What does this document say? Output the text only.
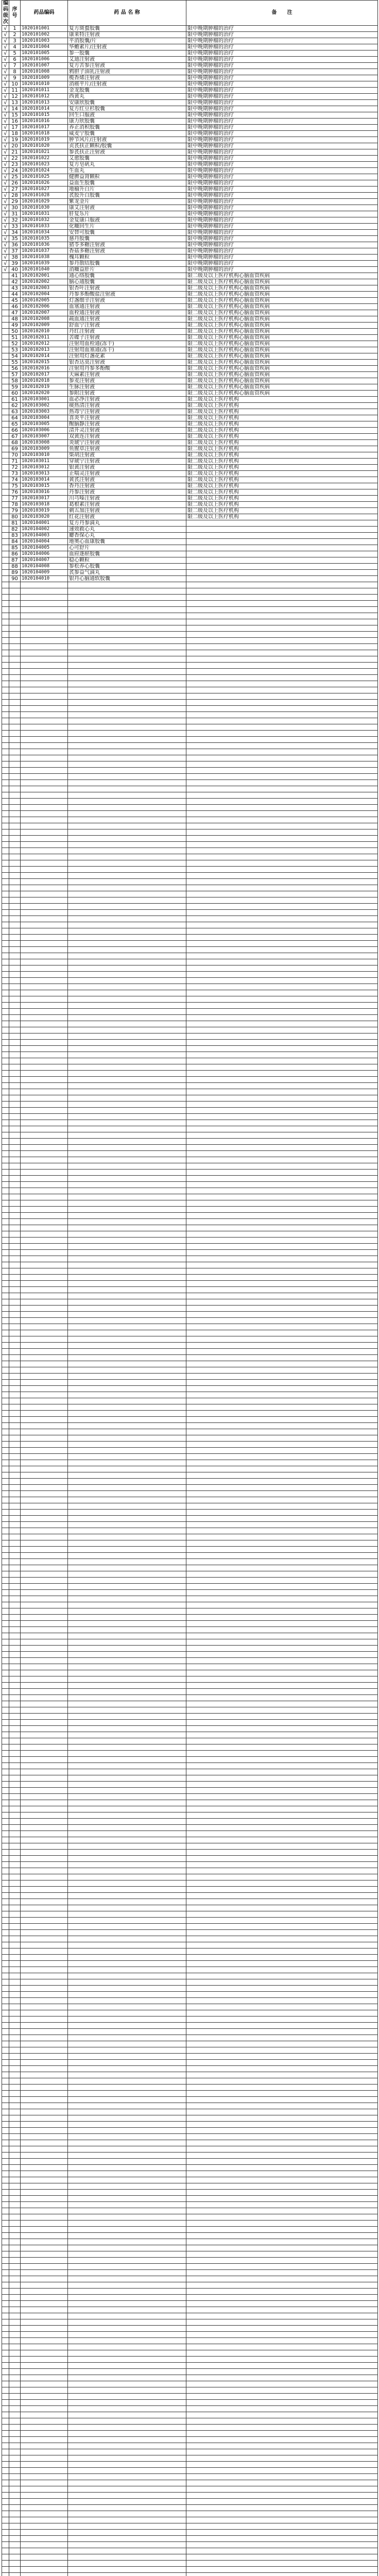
编码 级次	序 号	药品编码	药 品 名 称	备　　注
√	1	1020101001	复方斑蝥胶囊	限中晚期肿瘤的治疗
√	2	1020101002	康莱特注射液	限中晚期肿瘤的治疗
√	3	1020101003	平消胶囊/片	限中晚期肿瘤的治疗
√	4	1020101004	华蟾素片/注射液	限中晚期肿瘤的治疗
√	5	1020101005	参一胶囊	限中晚期肿瘤的治疗
√	6	1020101006	艾迪注射液	限中晚期肿瘤的治疗
√	7	1020101007	复方苦参注射液	限中晚期肿瘤的治疗
√	8	1020101008	鸦胆子油乳注射液	限中晚期肿瘤的治疗
√	9	1020101009	榄香烯注射液	限中晚期肿瘤的治疗
√	10	1020101010	消癌平片/注射液	限中晚期肿瘤的治疗
√	11	1020101011	金龙胶囊	限中晚期肿瘤的治疗
√	12	1020101012	西黄丸	限中晚期肿瘤的治疗
√	13	1020101013	安康欣胶囊	限中晚期肿瘤的治疗
√	14	1020101014	复方红豆杉胶囊	限中晚期肿瘤的治疗
√	15	1020101015	回生口服液	限中晚期肿瘤的治疗
√	16	1020101016	康力欣胶囊	限中晚期肿瘤的治疗
√	17	1020101017	养正消积胶囊	限中晚期肿瘤的治疗
√	18	1020101018	威麦宁胶囊	限中晚期肿瘤的治疗
√	19	1020101019	肿节风片/注射液	限中晚期肿瘤的治疗
√	20	1020101020	贞芪扶正颗粒/胶囊	限中晚期肿瘤的治疗
√	21	1020101021	参芪扶正注射液	限中晚期肿瘤的治疗
√	22	1020101022	艾愈胶囊	限中晚期肿瘤的治疗
√	23	1020101023	复方皂矾丸	限中晚期肿瘤的治疗
√	24	1020101024	生血丸	限中晚期肿瘤的治疗
√	25	1020101025	健脾益肾颗粒	限中晚期肿瘤的治疗
√	26	1020101026	益血生胶囊	限中晚期肿瘤的治疗
√	27	1020101027	地榆升白片	限中晚期肿瘤的治疗
√	28	1020101028	芪胶升白胶囊	限中晚期肿瘤的治疗
√	29	1020101029	紫龙金片	限中晚期肿瘤的治疗
√	30	1020101030	康艾注射液	限中晚期肿瘤的治疗
√	31	1020101031	肝复乐片	限中晚期肿瘤的治疗
√	32	1020101032	金复康口服液	限中晚期肿瘤的治疗
√	33	1020101033	化癥回生片	限中晚期肿瘤的治疗
√	34	1020101034	安替可胶囊	限中晚期肿瘤的治疗
√	35	1020101035	慈丹胶囊	限中晚期肿瘤的治疗
√	36	1020101036	猪苓多糖注射液	限中晚期肿瘤的治疗
√	37	1020101037	香菇多糖注射液	限中晚期肿瘤的治疗
√	38	1020101038	槐耳颗粒	限中晚期肿瘤的治疗
√	39	1020101039	参丹散结胶囊	限中晚期肿瘤的治疗
√	40	1020101040	消癥益肝片	限中晚期肿瘤的治疗
	41	1020102001	通心络胶囊	限二级及以上医疗机构心脑血管疾病
	42	1020102002	脑心通胶囊	限二级及以上医疗机构心脑血管疾病
	43	1020102003	银杏叶注射液	限二级及以上医疗机构心脑血管疾病
	44	1020102004	丹参多酚酸盐注射液	限二级及以上医疗机构心脑血管疾病
	45	1020102005	灯盏细辛注射液	限二级及以上医疗机构心脑血管疾病
	46	1020102006	血塞通注射液	限二级及以上医疗机构心脑血管疾病
	47	1020102007	血栓通注射液	限二级及以上医疗机构心脑血管疾病
	48	1020102008	疏血通注射液	限二级及以上医疗机构心脑血管疾病
	49	1020102009	舒血宁注射液	限二级及以上医疗机构心脑血管疾病
	50	1020102010	丹红注射液	限二级及以上医疗机构心脑血管疾病
	51	1020102011	苦碟子注射液	限二级及以上医疗机构心脑血管疾病
	52	1020102012	注射用血栓通(冻干)	限二级及以上医疗机构心脑血管疾病
	53	1020102013	注射用血塞通(冻干)	限二级及以上医疗机构心脑血管疾病
	54	1020102014	注射用灯盏花素	限二级及以上医疗机构心脑血管疾病
	55	1020102015	银杏达莫注射液	限二级及以上医疗机构心脑血管疾病
	56	1020102016	注射用丹参多酚酸	限二级及以上医疗机构心脑血管疾病
	57	1020102017	天麻素注射液	限二级及以上医疗机构心脑血管疾病
	58	1020102018	参麦注射液	限二级及以上医疗机构心脑血管疾病
	59	1020102019	生脉注射液	限二级及以上医疗机构心脑血管疾病
	60	1020102020	参附注射液	限二级及以上医疗机构心脑血管疾病
	61	1020103001	血必净注射液	限二级及以上医疗机构
	62	1020103002	痰热清注射液	限二级及以上医疗机构
	63	1020103003	热毒宁注射液	限二级及以上医疗机构
	64	1020103004	喜炎平注射液	限二级及以上医疗机构
	65	1020103005	醒脑静注射液	限二级及以上医疗机构
	66	1020103006	清开灵注射液	限二级及以上医疗机构
	67	1020103007	双黄连注射液	限二级及以上医疗机构
	68	1020103008	炎琥宁注射液	限二级及以上医疗机构
	69	1020103009	鱼腥草注射液	限二级及以上医疗机构
	70	1020103010	柴胡注射液	限二级及以上医疗机构
	71	1020103011	穿琥宁注射液	限二级及以上医疗机构
	72	1020103012	银黄注射液	限二级及以上医疗机构
	73	1020103013	止喘灵注射液	限二级及以上医疗机构
	74	1020103014	黄芪注射液	限二级及以上医疗机构
	75	1020103015	香丹注射液	限二级及以上医疗机构
	76	1020103016	丹参注射液	限二级及以上医疗机构
	77	1020103017	川芎嗪注射液	限二级及以上医疗机构
	78	1020103018	葛根素注射液	限二级及以上医疗机构
	79	1020103019	刺五加注射液	限二级及以上医疗机构
	80	1020103020	红花注射液	限二级及以上医疗机构
	81	1020104001	复方丹参滴丸	
	82	1020104002	速效救心丸	
	83	1020104003	麝香保心丸	
	84	1020104004	地奥心血康胶囊	
	85	1020104005	心可舒片	
	86	1020104006	血府逐瘀胶囊	
	87	1020104007	稳心颗粒	
	88	1020104008	参松养心胶囊	
	89	1020104009	芪参益气滴丸	
	90	1020104010	银丹心脑通软胶囊	
